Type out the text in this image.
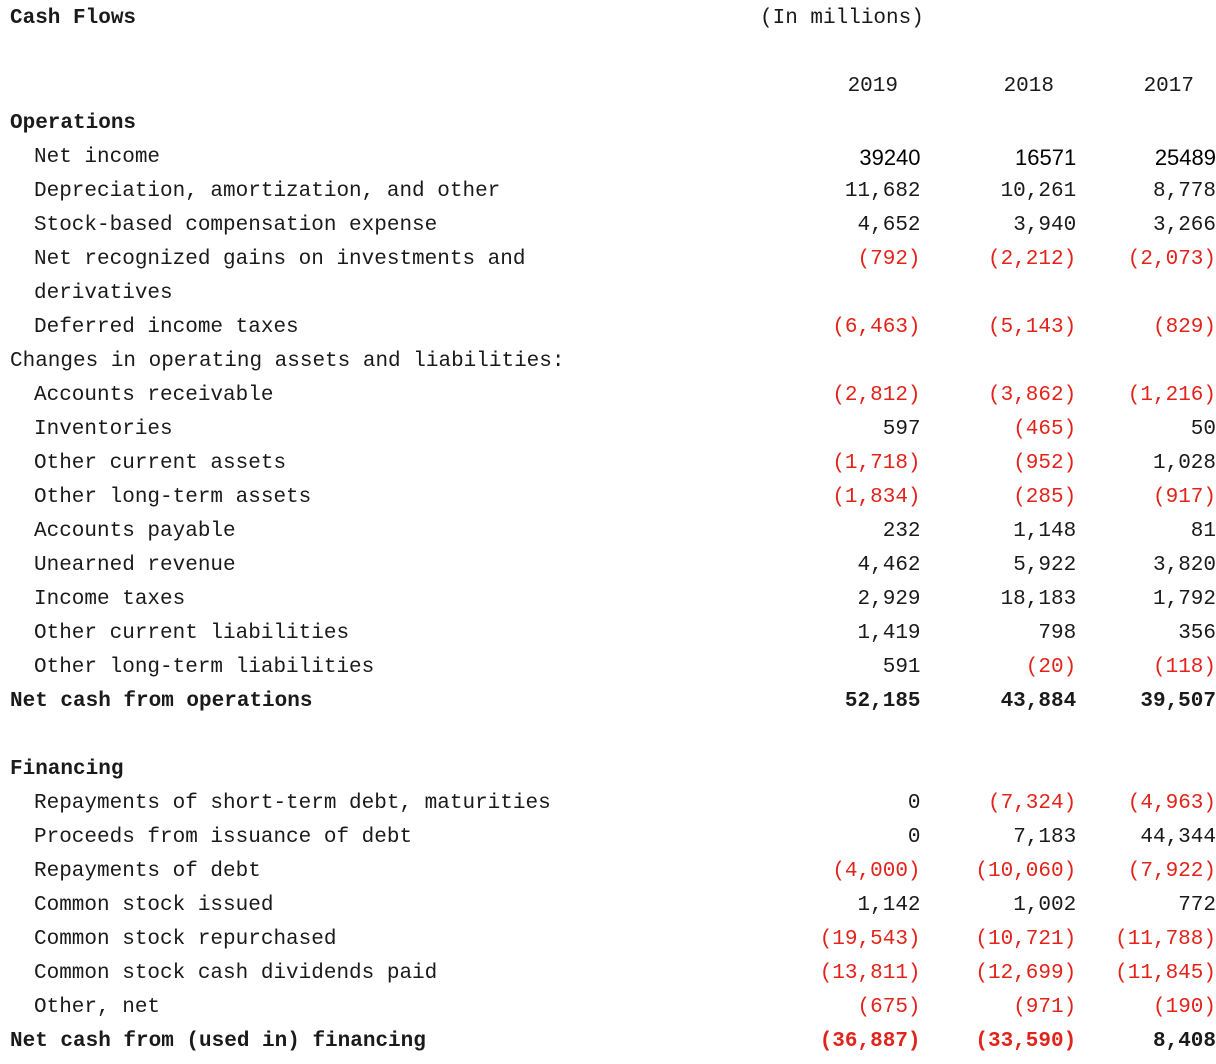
Cash Flows	(In millions)
2019	2018	2017
Operations			
Net income	39240	16571	25489
Depreciation, amortization, and other	11,682	10,261	8,778
Stock-based compensation expense	4,652	3,940	3,266
Net recognized gains on investments and	(792)	(2,212)	(2,073)
derivatives			
Deferred income taxes	(6,463)	(5,143)	(829)
Changes in operating assets and liabilities:			
Accounts receivable	(2,812)	(3,862)	(1,216)
Inventories	597	(465)	50
Other current assets	(1,718)	(952)	1,028
Other long-term assets	(1,834)	(285)	(917)
Accounts payable	232	1,148	81
Unearned revenue	4,462	5,922	3,820
Income taxes	2,929	18,183	1,792
Other current liabilities	1,419	798	356
Other long-term liabilities	591	(20)	(118)
Net cash from operations	52,185	43,884	39,507

Financing			
Repayments of short-term debt, maturities	0	(7,324)	(4,963)
Proceeds from issuance of debt	0	7,183	44,344
Repayments of debt	(4,000)	(10,060)	(7,922)
Common stock issued	1,142	1,002	772
Common stock repurchased	(19,543)	(10,721)	(11,788)
Common stock cash dividends paid	(13,811)	(12,699)	(11,845)
Other, net	(675)	(971)	(190)
Net cash from (used in) financing	(36,887)	(33,590)	8,408
